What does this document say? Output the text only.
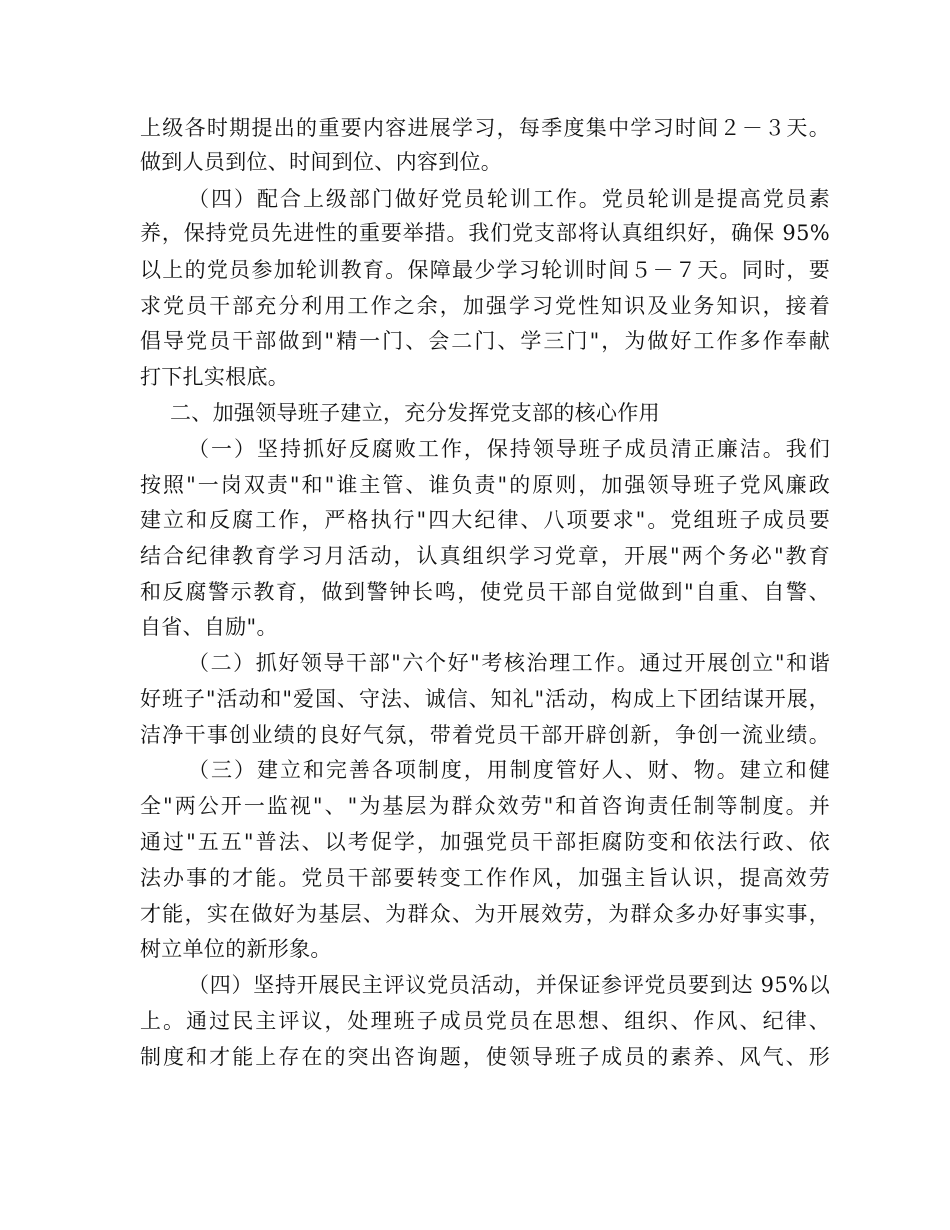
上级各时期提出的重要内容进展学习，每季度集中学习时间２－３天。
做到人员到位、时间到位、内容到位。
（四）配合上级部门做好党员轮训工作。党员轮训是提高党员素
养，保持党员先进性的重要举措。我们党支部将认真组织好，确保 95%
以上的党员参加轮训教育。保障最少学习轮训时间５－７天。同时，要
求党员干部充分利用工作之余，加强学习党性知识及业务知识，接着
倡导党员干部做到"精一门、会二门、学三门"，为做好工作多作奉献
打下扎实根底。
二、加强领导班子建立，充分发挥党支部的核心作用
（一）坚持抓好反腐败工作，保持领导班子成员清正廉洁。我们
按照"一岗双责"和"谁主管、谁负责"的原则，加强领导班子党风廉政
建立和反腐工作，严格执行"四大纪律、八项要求"。党组班子成员要
结合纪律教育学习月活动，认真组织学习党章，开展"两个务必"教育
和反腐警示教育，做到警钟长鸣，使党员干部自觉做到"自重、自警、
自省、自励"。
（二）抓好领导干部"六个好"考核治理工作。通过开展创立"和谐
好班子"活动和"爱国、守法、诚信、知礼"活动，构成上下团结谋开展，
洁净干事创业绩的良好气氛，带着党员干部开辟创新，争创一流业绩。
（三）建立和完善各项制度，用制度管好人、财、物。建立和健
全"两公开一监视"、"为基层为群众效劳"和首咨询责任制等制度。并
通过"五五"普法、以考促学，加强党员干部拒腐防变和依法行政、依
法办事的才能。党员干部要转变工作作风，加强主旨认识，提高效劳
才能，实在做好为基层、为群众、为开展效劳，为群众多办好事实事，
树立单位的新形象。
（四）坚持开展民主评议党员活动，并保证参评党员要到达 95%以
上。通过民主评议，处理班子成员党员在思想、组织、作风、纪律、
制度和才能上存在的突出咨询题，使领导班子成员的素养、风气、形
